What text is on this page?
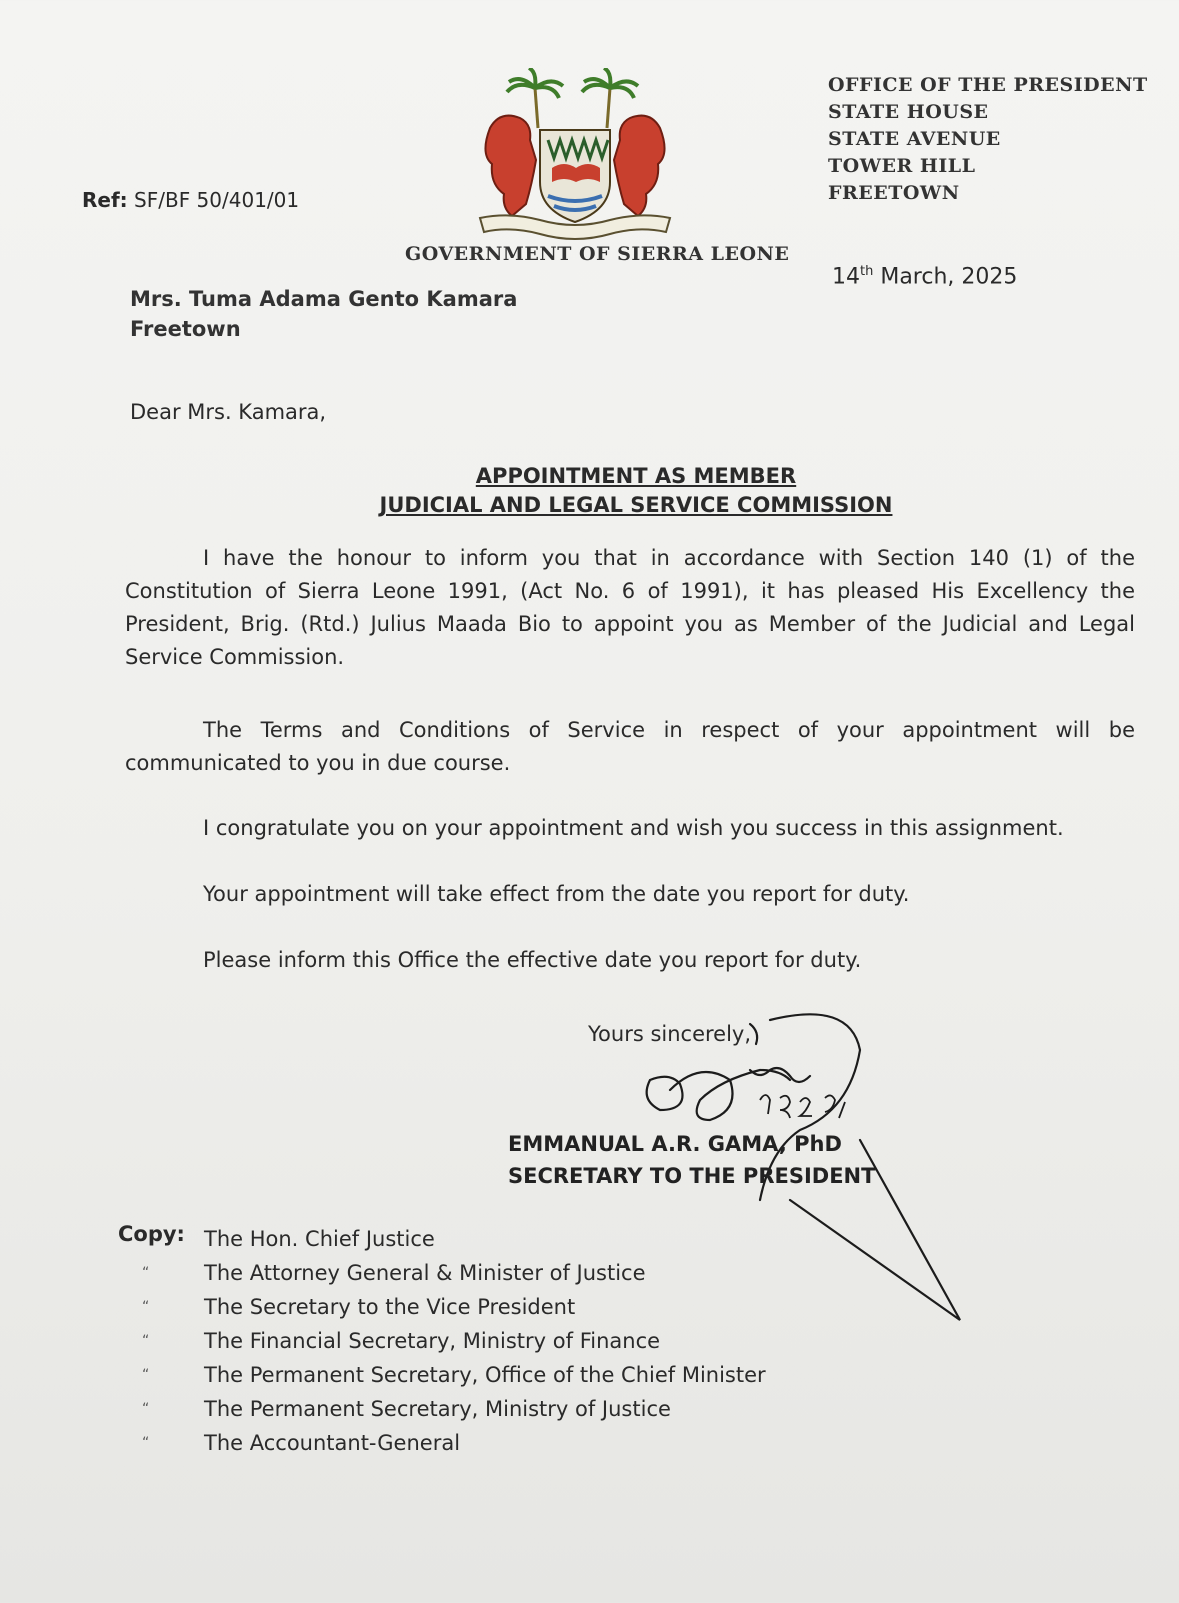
OFFICE OF THE PRESIDENT
STATE HOUSE
STATE AVENUE
TOWER HILL
FREETOWN
GOVERNMENT OF SIERRA LEONE
Ref: SF/BF 50/401/01
14th March, 2025
Mrs. Tuma Adama Gento Kamara
Freetown
Dear Mrs. Kamara,
APPOINTMENT AS MEMBER
JUDICIAL AND LEGAL SERVICE COMMISSION

I have the honour to inform you that in accordance with Section 140 (1) of the Constitution of Sierra Leone 1991, (Act No. 6 of 1991), it has pleased His Excellency the President, Brig. (Rtd.) Julius Maada Bio to appoint you as Member of the Judicial and Legal Service Commission.

The Terms and Conditions of Service in respect of your appointment will be communicated to you in due course.

I congratulate you on your appointment and wish you success in this assignment.

Your appointment will take effect from the date you report for duty.

Please inform this Office the effective date you report for duty.

Yours sincerely,
EMMANUAL A.R. GAMA, PhD
SECRETARY TO THE PRESIDENT
Copy: The Hon. Chief Justice
“	The Attorney General & Minister of Justice
“	The Secretary to the Vice President
“	The Financial Secretary, Ministry of Finance
“	The Permanent Secretary, Office of the Chief Minister
“	The Permanent Secretary, Ministry of Justice
“	The Accountant-General
